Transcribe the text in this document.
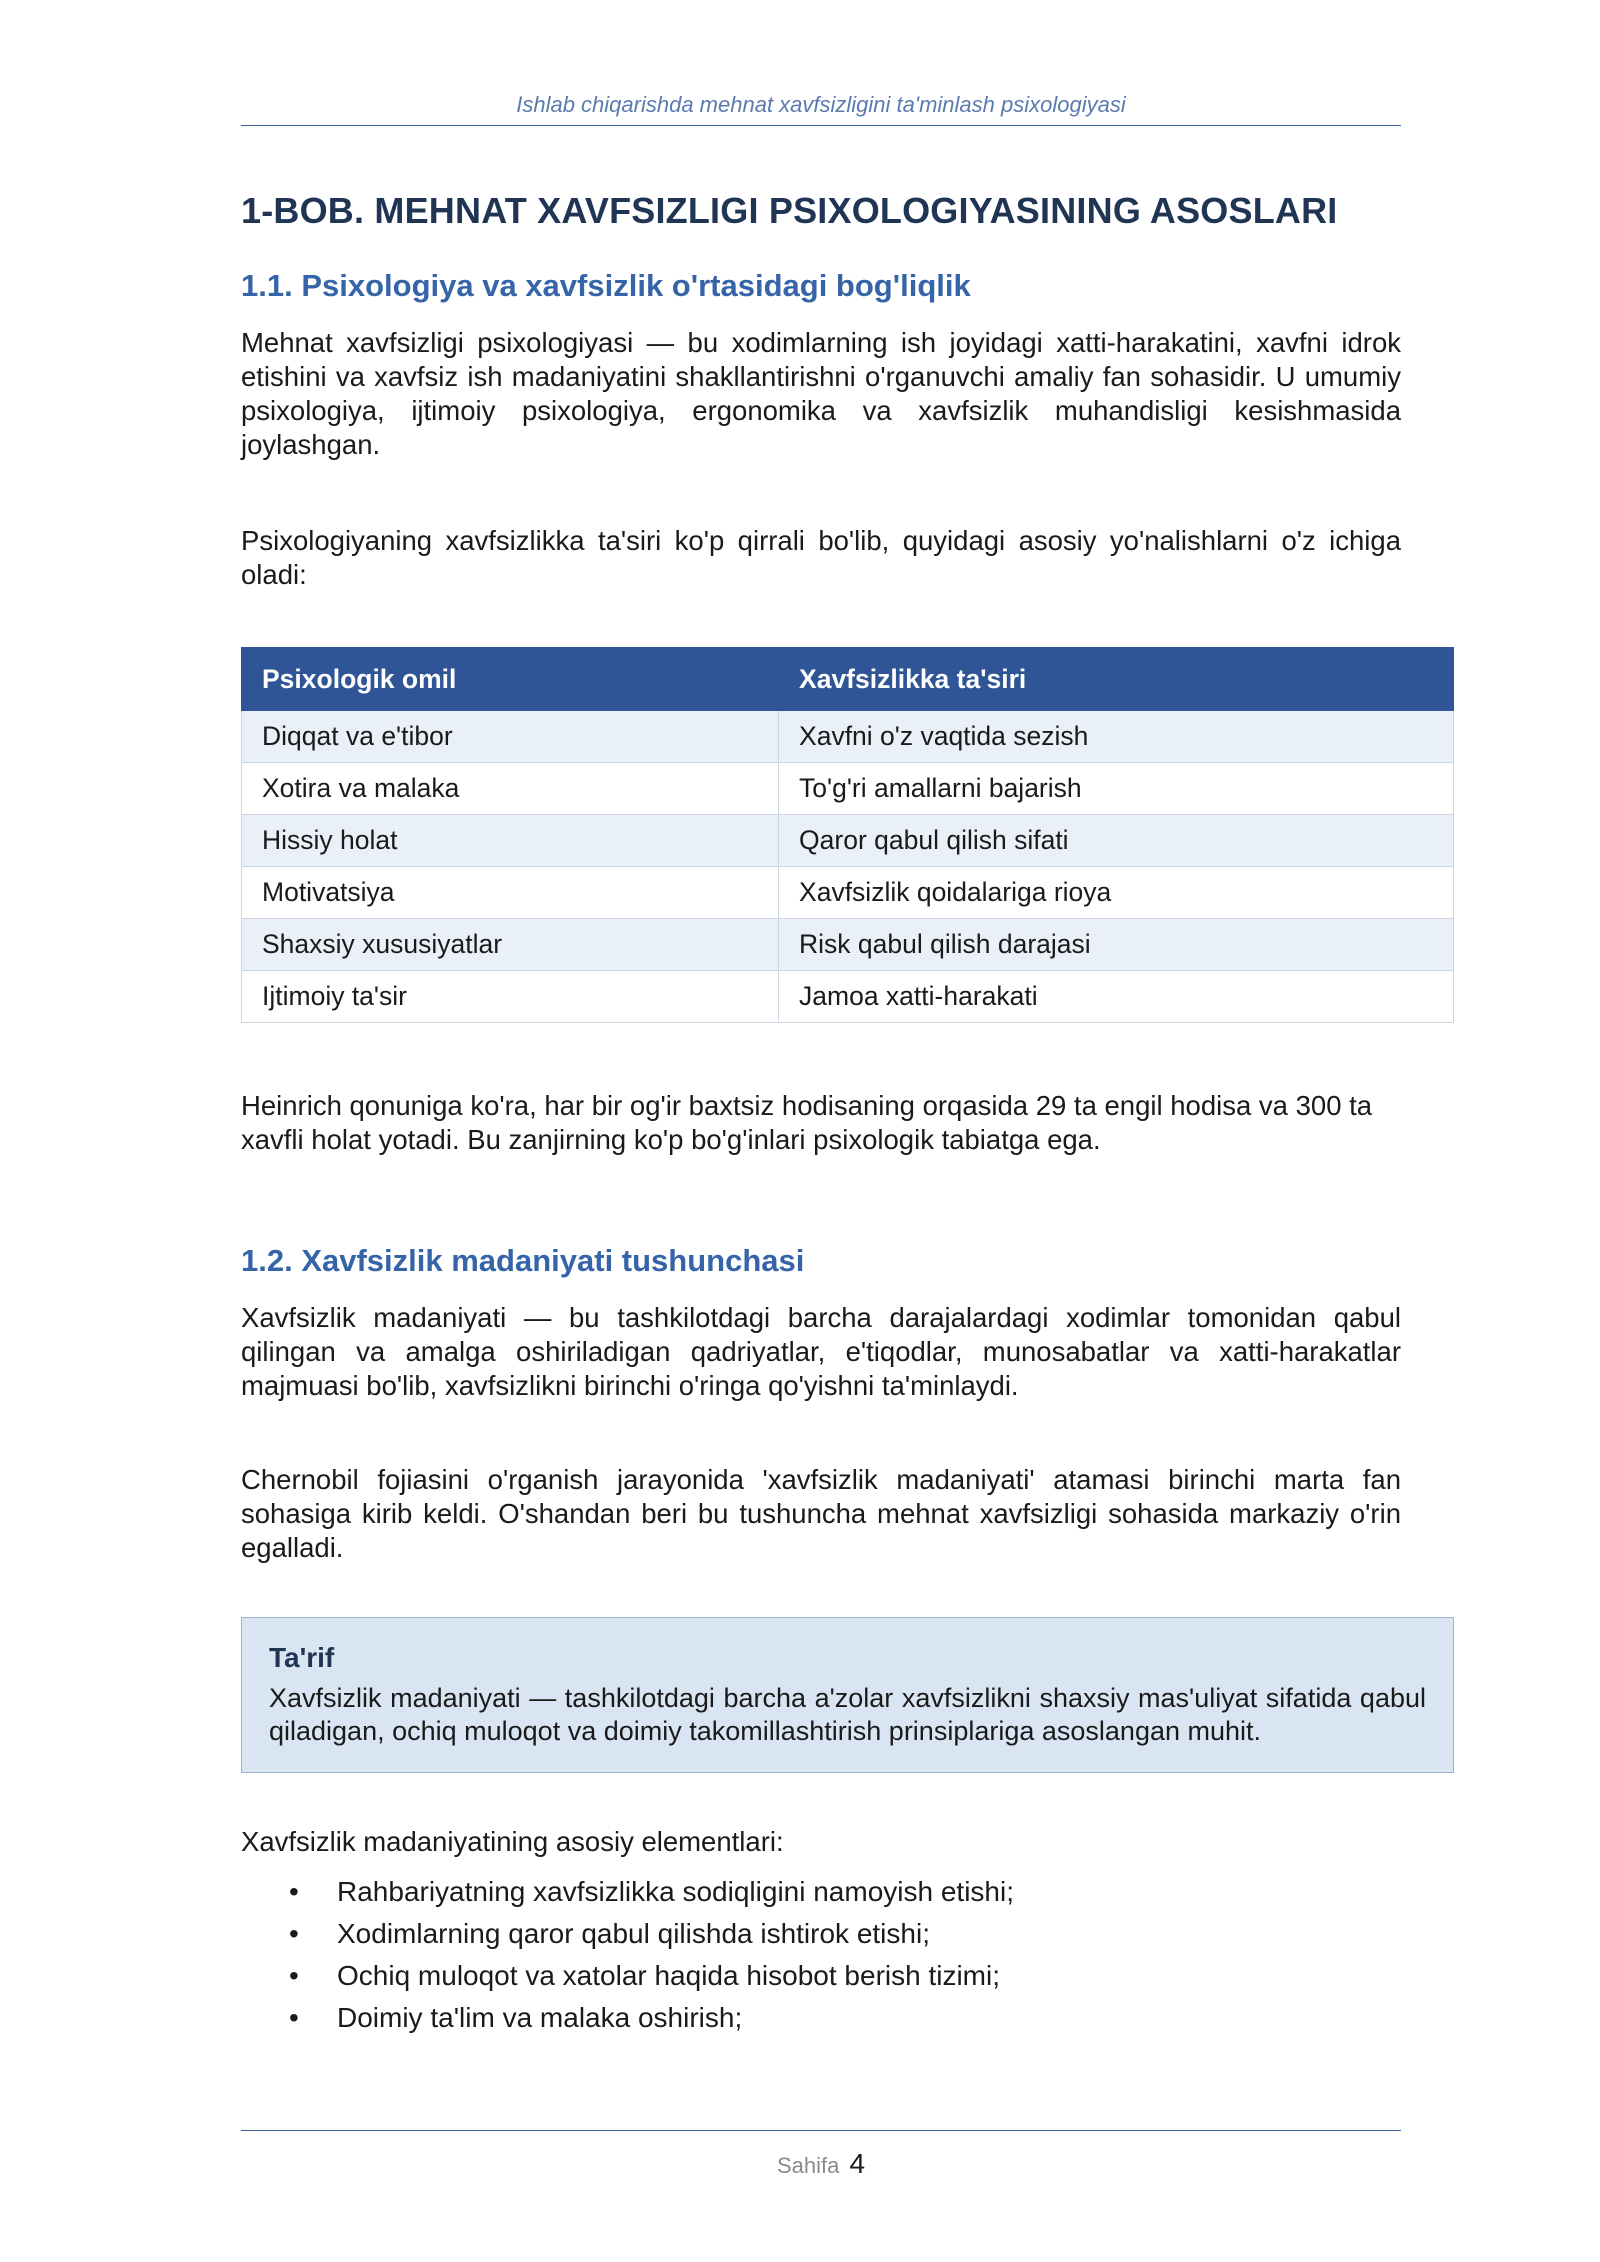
Ishlab chiqarishda mehnat xavfsizligini ta'minlash psixologiyasi
1-BOB. MEHNAT XAVFSIZLIGI PSIXOLOGIYASINING ASOSLARI
1.1. Psixologiya va xavfsizlik o'rtasidagi bog'liqlik

Mehnat xavfsizligi psixologiyasi — bu xodimlarning ish joyidagi xatti-harakatini, xavfni idrok etishini va xavfsiz ish madaniyatini shakllantirishni o'rganuvchi amaliy fan sohasidir. U umumiy psixologiya, ijtimoiy psixologiya, ergonomika va xavfsizlik muhandisligi kesishmasida joylashgan.

Psixologiyaning xavfsizlikka ta'siri ko'p qirrali bo'lib, quyidagi asosiy yo'nalishlarni o'z ichiga oladi:

Psixologik omil	Xavfsizlikka ta'siri
Diqqat va e'tibor	Xavfni o'z vaqtida sezish
Xotira va malaka	To'g'ri amallarni bajarish
Hissiy holat	Qaror qabul qilish sifati
Motivatsiya	Xavfsizlik qoidalariga rioya
Shaxsiy xususiyatlar	Risk qabul qilish darajasi
Ijtimoiy ta'sir	Jamoa xatti-harakati

Heinrich qonuniga ko'ra, har bir og'ir baxtsiz hodisaning orqasida 29 ta engil hodisa va 300 ta xavfli holat yotadi. Bu zanjirning ko'p bo'g'inlari psixologik tabiatga ega.

1.2. Xavfsizlik madaniyati tushunchasi

Xavfsizlik madaniyati — bu tashkilotdagi barcha darajalardagi xodimlar tomonidan qabul qilingan va amalga oshiriladigan qadriyatlar, e'tiqodlar, munosabatlar va xatti-harakatlar majmuasi bo'lib, xavfsizlikni birinchi o'ringa qo'yishni ta'minlaydi.

Chernobil fojiasini o'rganish jarayonida 'xavfsizlik madaniyati' atamasi birinchi marta fan sohasiga kirib keldi. O'shandan beri bu tushuncha mehnat xavfsizligi sohasida markaziy o'rin egalladi.

Ta'rif

Xavfsizlik madaniyati — tashkilotdagi barcha a'zolar xavfsizlikni shaxsiy mas'uliyat sifatida qabul qiladigan, ochiq muloqot va doimiy takomillashtirish prinsiplariga asoslangan muhit.

Xavfsizlik madaniyatining asosiy elementlari:

• Rahbariyatning xavfsizlikka sodiqligini namoyish etishi;
• Xodimlarning qaror qabul qilishda ishtirok etishi;
• Ochiq muloqot va xatolar haqida hisobot berish tizimi;
• Doimiy ta'lim va malaka oshirish;
Sahifa 4
